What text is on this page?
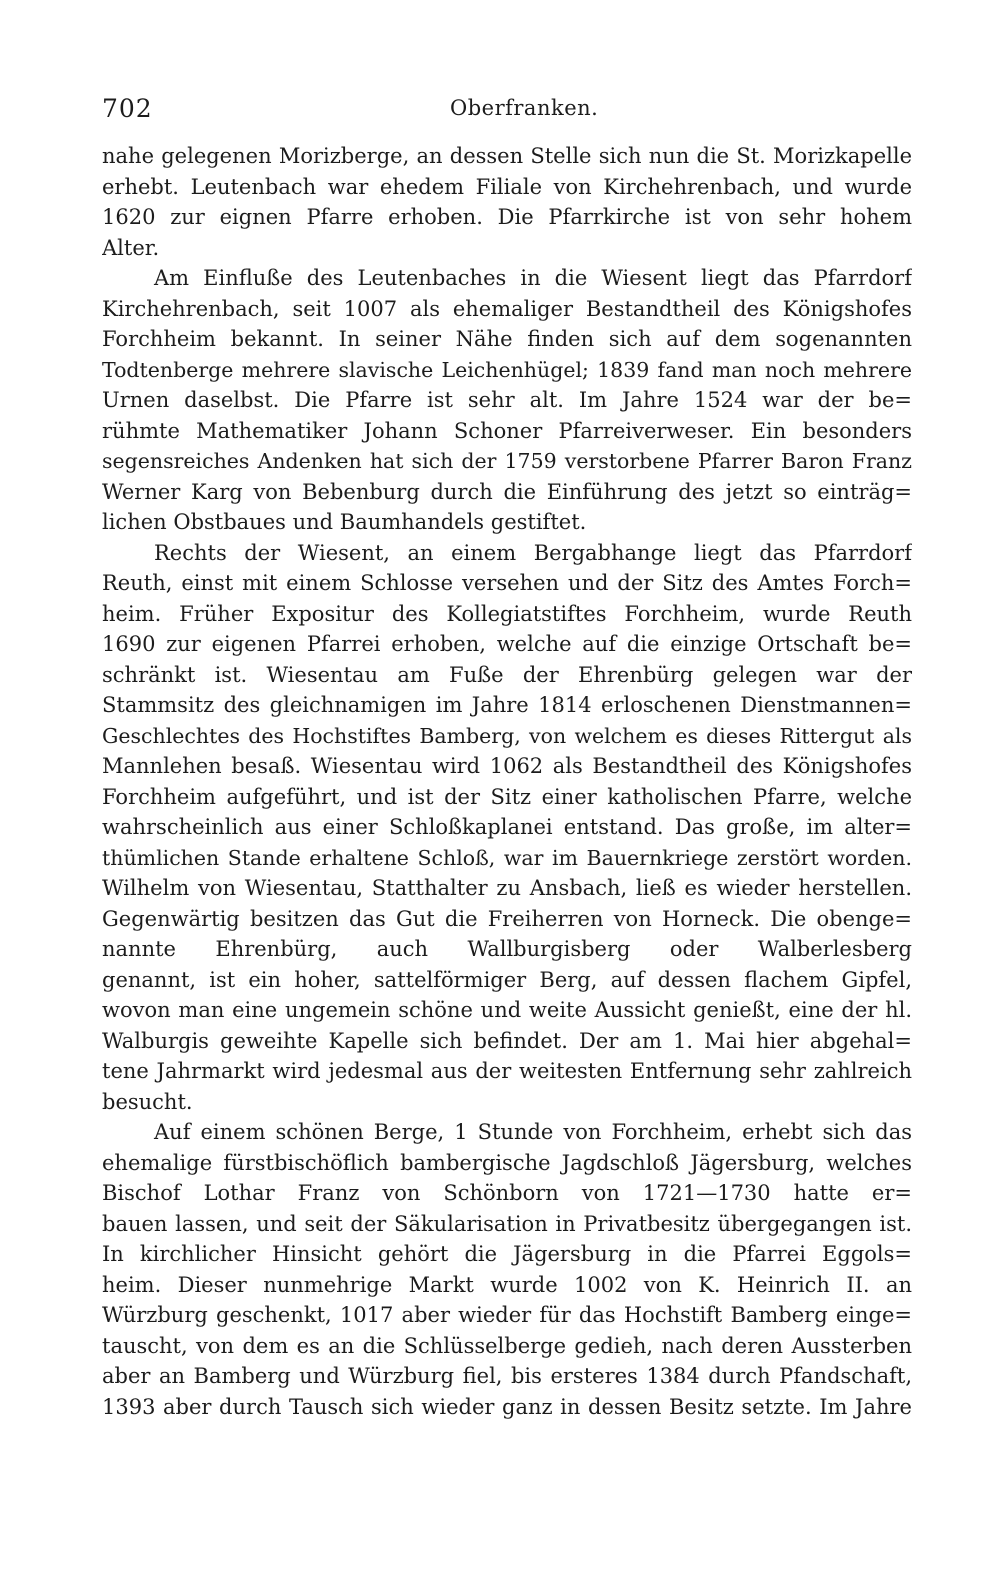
702	Oberfranken.
nahe gelegenen Morizberge, an dessen Stelle sich nun die St. Morizkapelle
erhebt. Leutenbach war ehedem Filiale von Kirchehrenbach, und wurde
1620 zur eignen Pfarre erhoben. Die Pfarrkirche ist von sehr hohem
Alter.
Am Einfluße des Leutenbaches in die Wiesent liegt das Pfarrdorf
Kirchehrenbach, seit 1007 als ehemaliger Bestandtheil des Königshofes
Forchheim bekannt. In seiner Nähe finden sich auf dem sogenannten
Todtenberge mehrere slavische Leichenhügel; 1839 fand man noch mehrere
Urnen daselbst. Die Pfarre ist sehr alt. Im Jahre 1524 war der be=
rühmte Mathematiker Johann Schoner Pfarreiverweser. Ein besonders
segensreiches Andenken hat sich der 1759 verstorbene Pfarrer Baron Franz
Werner Karg von Bebenburg durch die Einführung des jetzt so einträg=
lichen Obstbaues und Baumhandels gestiftet.
Rechts der Wiesent, an einem Bergabhange liegt das Pfarrdorf
Reuth, einst mit einem Schlosse versehen und der Sitz des Amtes Forch=
heim. Früher Expositur des Kollegiatstiftes Forchheim, wurde Reuth
1690 zur eigenen Pfarrei erhoben, welche auf die einzige Ortschaft be=
schränkt ist. Wiesentau am Fuße der Ehrenbürg gelegen war der
Stammsitz des gleichnamigen im Jahre 1814 erloschenen Dienstmannen=
Geschlechtes des Hochstiftes Bamberg, von welchem es dieses Rittergut als
Mannlehen besaß. Wiesentau wird 1062 als Bestandtheil des Königshofes
Forchheim aufgeführt, und ist der Sitz einer katholischen Pfarre, welche
wahrscheinlich aus einer Schloßkaplanei entstand. Das große, im alter=
thümlichen Stande erhaltene Schloß, war im Bauernkriege zerstört worden.
Wilhelm von Wiesentau, Statthalter zu Ansbach, ließ es wieder herstellen.
Gegenwärtig besitzen das Gut die Freiherren von Horneck. Die obenge=
nannte Ehrenbürg, auch Wallburgisberg oder Walberlesberg
genannt, ist ein hoher, sattelförmiger Berg, auf dessen flachem Gipfel,
wovon man eine ungemein schöne und weite Aussicht genießt, eine der hl.
Walburgis geweihte Kapelle sich befindet. Der am 1. Mai hier abgehal=
tene Jahrmarkt wird jedesmal aus der weitesten Entfernung sehr zahlreich
besucht.
Auf einem schönen Berge, 1 Stunde von Forchheim, erhebt sich das
ehemalige fürstbischöflich bambergische Jagdschloß Jägersburg, welches
Bischof Lothar Franz von Schönborn von 1721—1730 hatte er=
bauen lassen, und seit der Säkularisation in Privatbesitz übergegangen ist.
In kirchlicher Hinsicht gehört die Jägersburg in die Pfarrei Eggols=
heim. Dieser nunmehrige Markt wurde 1002 von K. Heinrich II. an
Würzburg geschenkt, 1017 aber wieder für das Hochstift Bamberg einge=
tauscht, von dem es an die Schlüsselberge gedieh, nach deren Aussterben
aber an Bamberg und Würzburg fiel, bis ersteres 1384 durch Pfandschaft,
1393 aber durch Tausch sich wieder ganz in dessen Besitz setzte. Im Jahre
